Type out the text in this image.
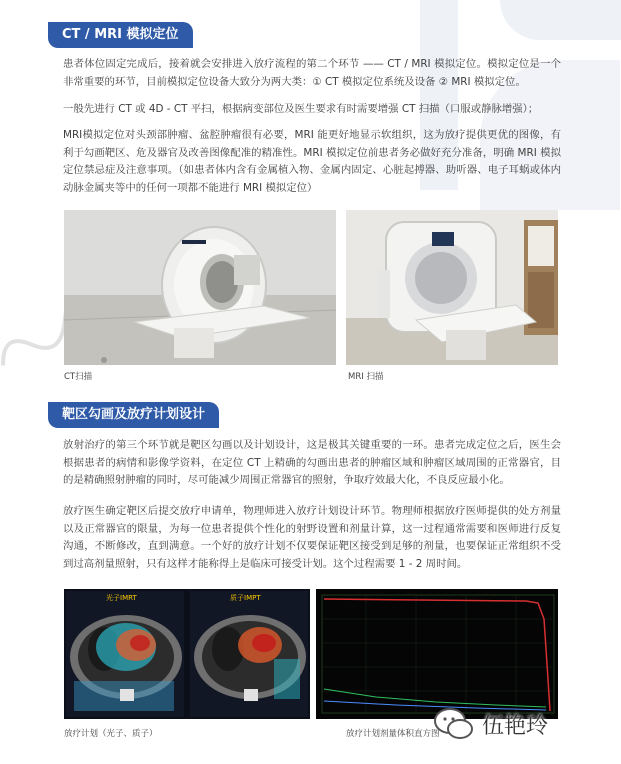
CT / MRI 模拟定位

患者体位固定完成后，接着就会安排进入放疗流程的第二个环节 —— CT / MRI 模拟定位。模拟定位是一个非常重要的环节，目前模拟定位设备大致分为两大类：① CT 模拟定位系统及设备 ② MRI 模拟定位。

一般先进行 CT 或 4D - CT 平扫，根据病变部位及医生要求有时需要增强 CT 扫描（口服或静脉增强）；

MRI模拟定位对头颈部肿瘤、盆腔肿瘤很有必要，MRI 能更好地显示软组织，这为放疗提供更优的图像，有利于勾画靶区、危及器官及改善图像配准的精准性。MRI 模拟定位前患者务必做好充分准备，明确 MRI 模拟定位禁忌症及注意事项。（如患者体内含有金属植入物、金属内固定、心脏起搏器、助听器、电子耳蜗或体内动脉金属夹等中的任何一项都不能进行 MRI 模拟定位）

CT扫描	MRI 扫描
靶区勾画及放疗计划设计

放射治疗的第三个环节就是靶区勾画以及计划设计，这是极其关键重要的一环。患者完成定位之后，医生会根据患者的病情和影像学资料，在定位 CT 上精确的勾画出患者的肿瘤区域和肿瘤区域周围的正常器官，目的是精确照射肿瘤的同时，尽可能减少周围正常器官的照射，争取疗效最大化，不良反应最小化。

放疗医生确定靶区后提交放疗申请单，物理师进入放疗计划设计环节。物理师根据放疗医师提供的处方剂量以及正常器官的限量，为每一位患者提供个性化的射野设置和剂量计算，这一过程通常需要和医师进行反复沟通，不断修改，直到满意。一个好的放疗计划不仅要保证靶区接受到足够的剂量，也要保证正常组织不受到过高剂量照射，只有这样才能称得上是临床可接受计划。这个过程需要 1 - 2 周时间。

光子IMRT	质子IMPT
放疗计划（光子、质子）	放疗计划剂量体积直方图 伍艳玲
